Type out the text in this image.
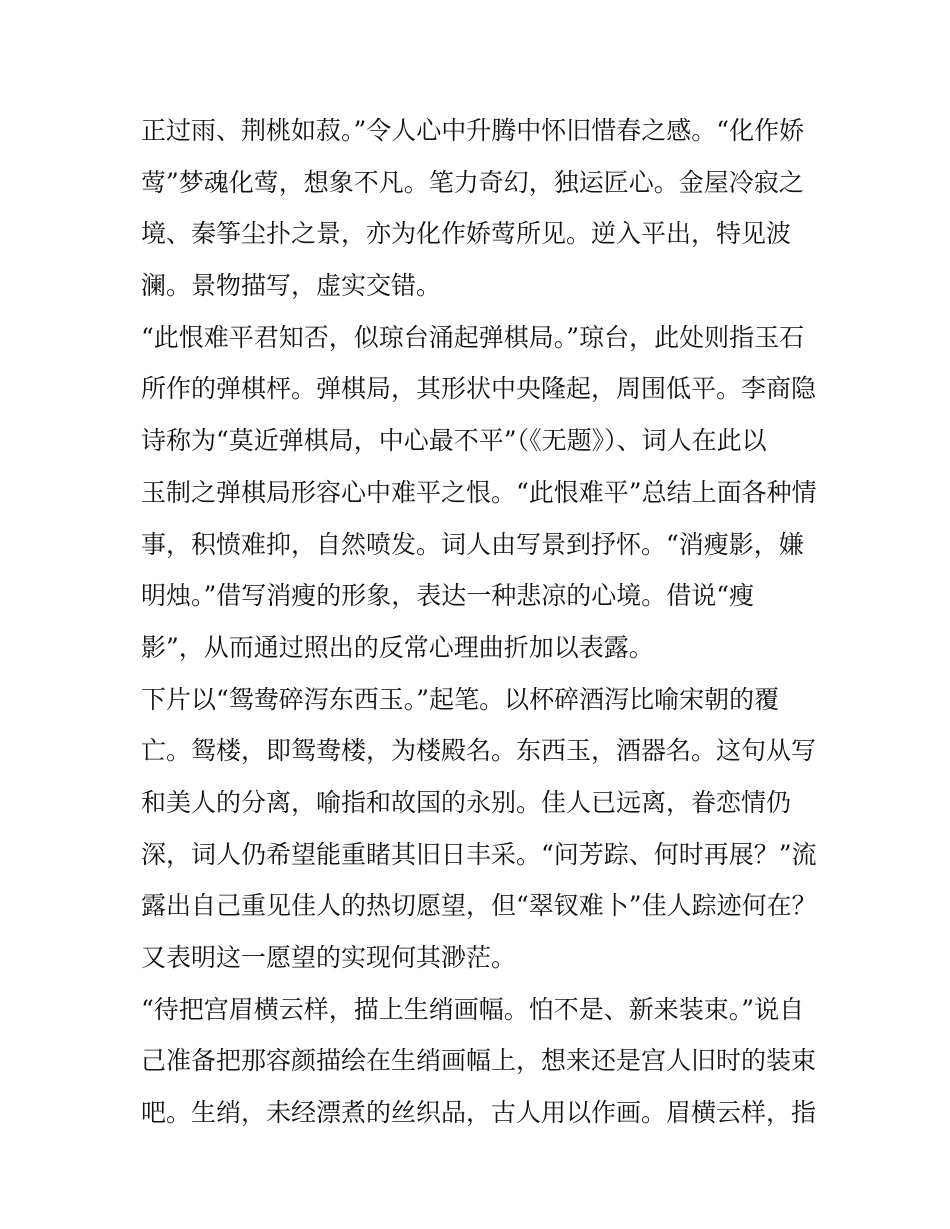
正过雨、荆桃如菽。”令人心中升腾中怀旧惜春之感。“化作娇
莺”梦魂化莺，想象不凡。笔力奇幻，独运匠心。金屋冷寂之
境、秦筝尘扑之景，亦为化作娇莺所见。逆入平出，特见波
澜。景物描写，虚实交错。
“此恨难平君知否，似琼台涌起弹棋局。”琼台，此处则指玉石
所作的弹棋枰。弹棋局，其形状中央隆起，周围低平。李商隐
诗称为“莫近弹棋局，中心最不平”（《无题》）、词人在此以
玉制之弹棋局形容心中难平之恨。“此恨难平”总结上面各种情
事，积愤难抑，自然喷发。词人由写景到抒怀。“消瘦影，嫌
明烛。”借写消瘦的形象，表达一种悲凉的心境。借说“瘦
影”，从而通过照出的反常心理曲折加以表露。
下片以“鸳鸯碎泻东西玉。”起笔。以杯碎酒泻比喻宋朝的覆
亡。鸳楼，即鸳鸯楼，为楼殿名。东西玉，酒器名。这句从写
和美人的分离，喻指和故国的永别。佳人已远离，眷恋情仍
深，词人仍希望能重睹其旧日丰采。“问芳踪、何时再展？”流
露出自己重见佳人的热切愿望，但“翠钗难卜”佳人踪迹何在？
又表明这一愿望的实现何其渺茫。
“待把宫眉横云样，描上生绡画幅。怕不是、新来装束。”说自
己准备把那容颜描绘在生绡画幅上，想来还是宫人旧时的装束
吧。生绡，未经漂煮的丝织品，古人用以作画。眉横云样，指
